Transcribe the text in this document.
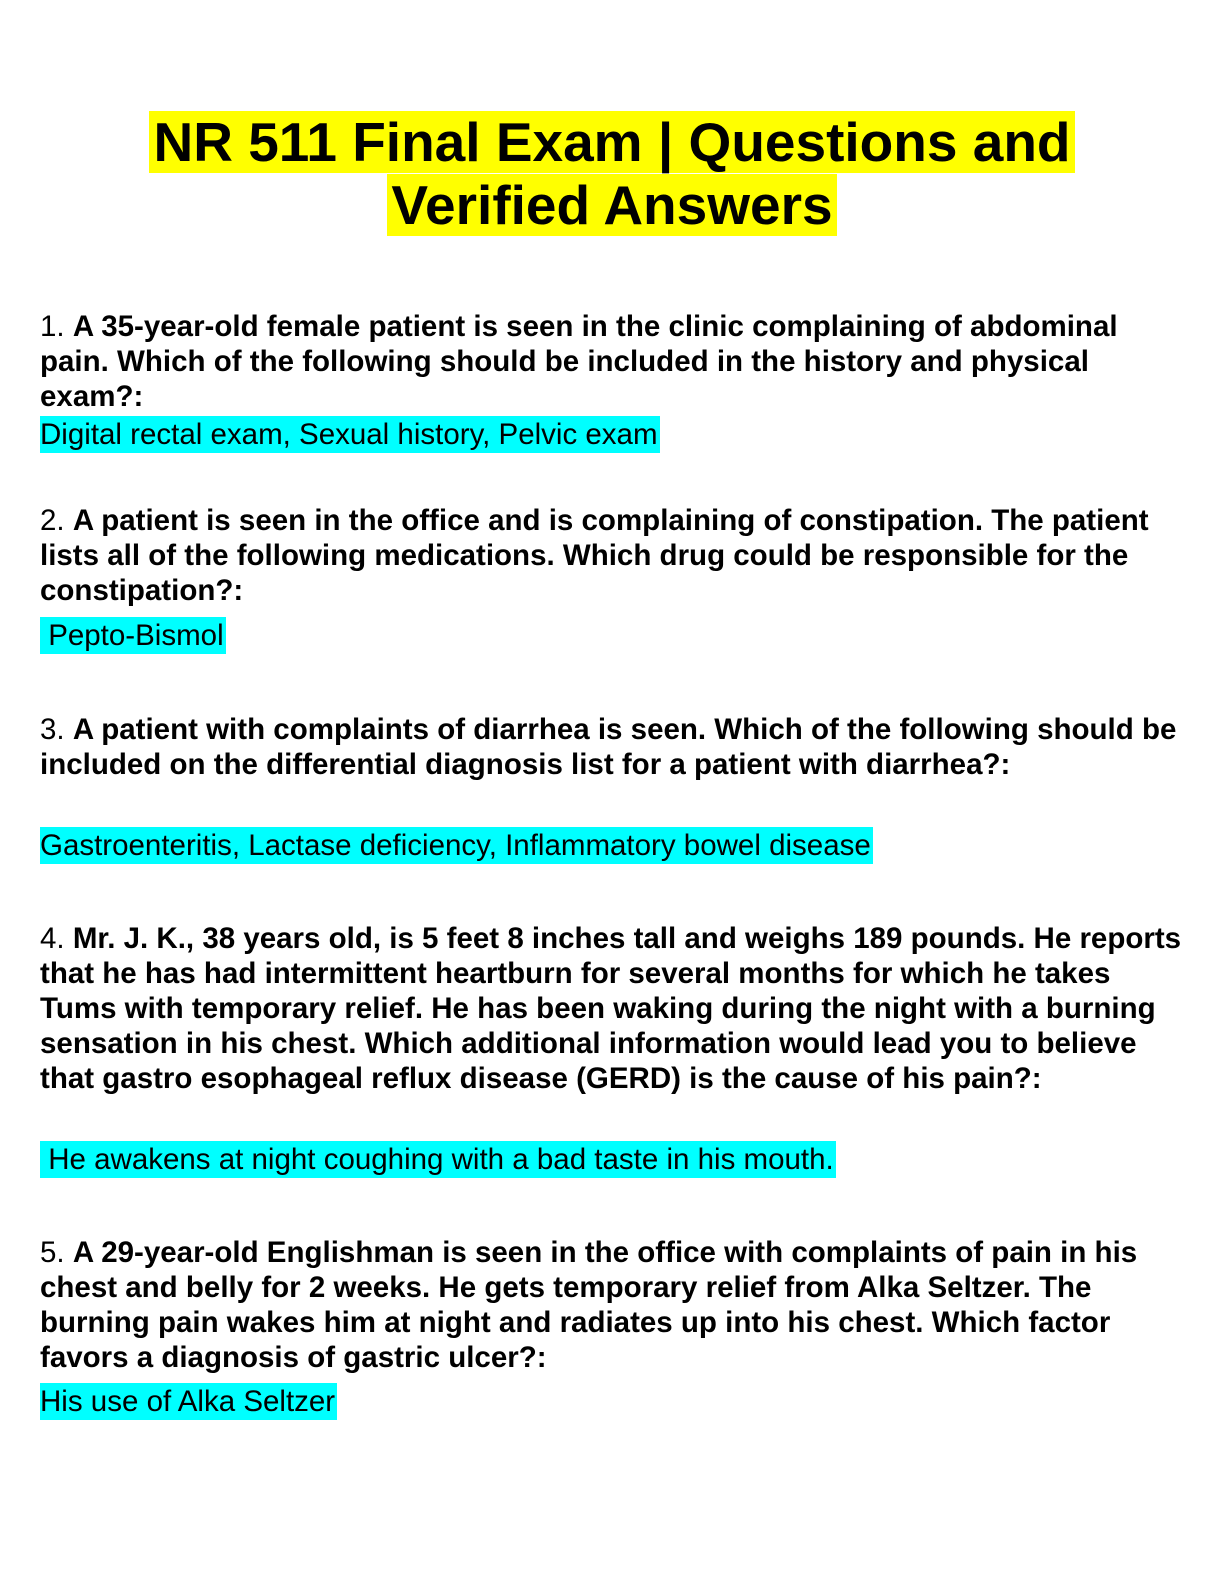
NR 511 Final Exam | Questions and
Verified Answers
1. A 35-year-old female patient is seen in the clinic complaining of abdominal pain. Which of the following should be included in the history and physical exam?:
Digital rectal exam, Sexual history, Pelvic exam
2. A patient is seen in the office and is complaining of constipation. The patient lists all of the following medications. Which drug could be responsible for the constipation?:
Pepto-Bismol
3. A patient with complaints of diarrhea is seen. Which of the following should be included on the differential diagnosis list for a patient with diarrhea?:
Gastroenteritis, Lactase deficiency, Inflammatory bowel disease
4. Mr. J. K., 38 years old, is 5 feet 8 inches tall and weighs 189 pounds. He reports that he has had intermittent heartburn for several months for which he takes Tums with temporary relief. He has been waking during the night with a burning sensation in his chest. Which additional information would lead you to believe that gastro esophageal reflux disease (GERD) is the cause of his pain?:
He awakens at night coughing with a bad taste in his mouth.
5. A 29-year-old Englishman is seen in the office with complaints of pain in his chest and belly for 2 weeks. He gets temporary relief from Alka Seltzer. The burning pain wakes him at night and radiates up into his chest. Which factor favors a diagnosis of gastric ulcer?:
His use of Alka Seltzer
